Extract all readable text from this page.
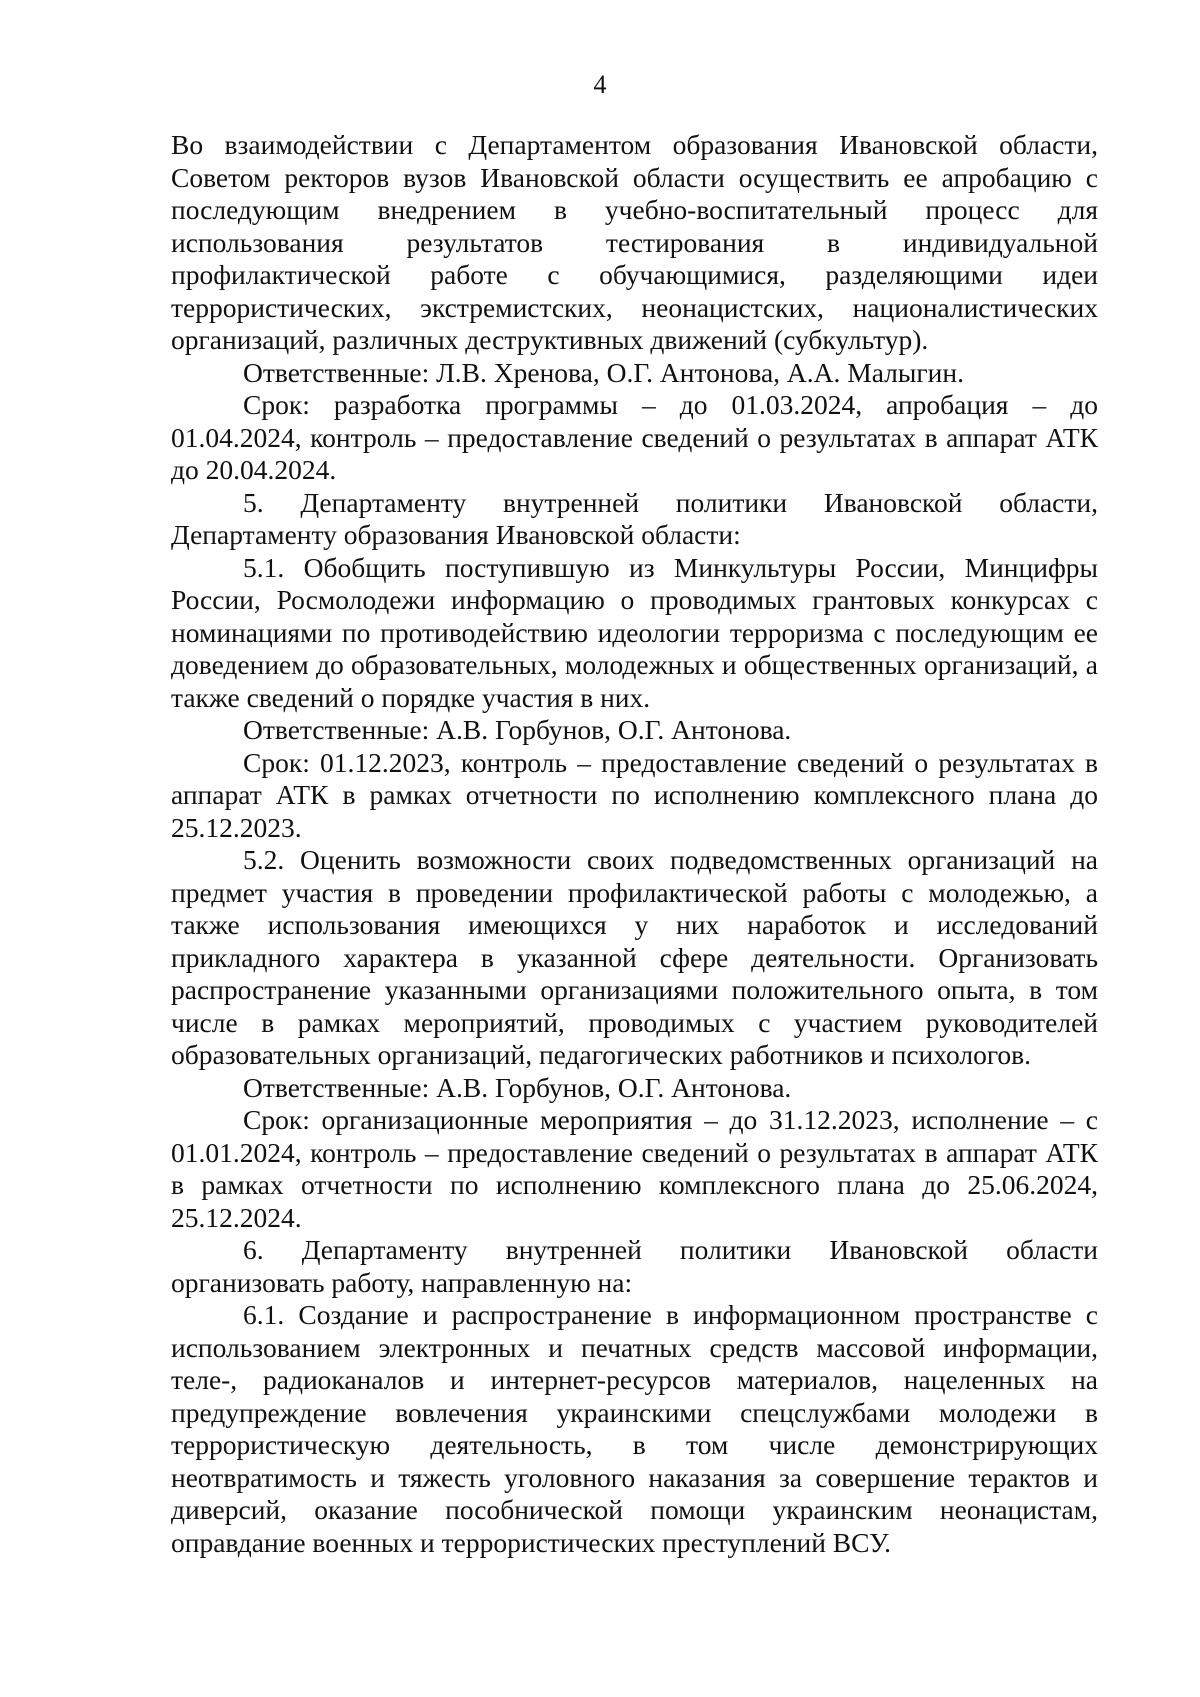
4

Во взаимодействии с Департаментом образования Ивановской области, Советом ректоров вузов Ивановской области осуществить ее апробацию с последующим внедрением в учебно-воспитательный процесс для использования результатов тестирования в индивидуальной профилактической работе с обучающимися, разделяющими идеи террористических, экстремистских, неонацистских, националистических организаций, различных деструктивных движений (субкультур).

Ответственные: Л.В. Хренова, О.Г. Антонова, А.А. Малыгин.

Срок: разработка программы – до 01.03.2024, апробация – до 01.04.2024, контроль – предоставление сведений о результатах в аппарат АТК до 20.04.2024.

5. Департаменту внутренней политики Ивановской области, Департаменту образования Ивановской области:

5.1. Обобщить поступившую из Минкультуры России, Минцифры России, Росмолодежи информацию о проводимых грантовых конкурсах с номинациями по противодействию идеологии терроризма с последующим ее доведением до образовательных, молодежных и общественных организаций, а также сведений о порядке участия в них.

Ответственные: А.В. Горбунов, О.Г. Антонова.

Срок: 01.12.2023, контроль – предоставление сведений о результатах в аппарат АТК в рамках отчетности по исполнению комплексного плана до 25.12.2023.

5.2. Оценить возможности своих подведомственных организаций на предмет участия в проведении профилактической работы с молодежью, а также использования имеющихся у них наработок и исследований прикладного характера в указанной сфере деятельности. Организовать распространение указанными организациями положительного опыта, в том числе в рамках мероприятий, проводимых с участием руководителей образовательных организаций, педагогических работников и психологов.

Ответственные: А.В. Горбунов, О.Г. Антонова.

Срок: организационные мероприятия – до 31.12.2023, исполнение – с 01.01.2024, контроль – предоставление сведений о результатах в аппарат АТК в рамках отчетности по исполнению комплексного плана до 25.06.2024, 25.12.2024.

6. Департаменту внутренней политики Ивановской области организовать работу, направленную на:

6.1. Создание и распространение в информационном пространстве с использованием электронных и печатных средств массовой информации, теле-, радиоканалов и интернет-ресурсов материалов, нацеленных на предупреждение вовлечения украинскими спецслужбами молодежи в террористическую деятельность, в том числе демонстрирующих неотвратимость и тяжесть уголовного наказания за совершение терактов и диверсий, оказание пособнической помощи украинским неонацистам, оправдание военных и террористических преступлений ВСУ.
